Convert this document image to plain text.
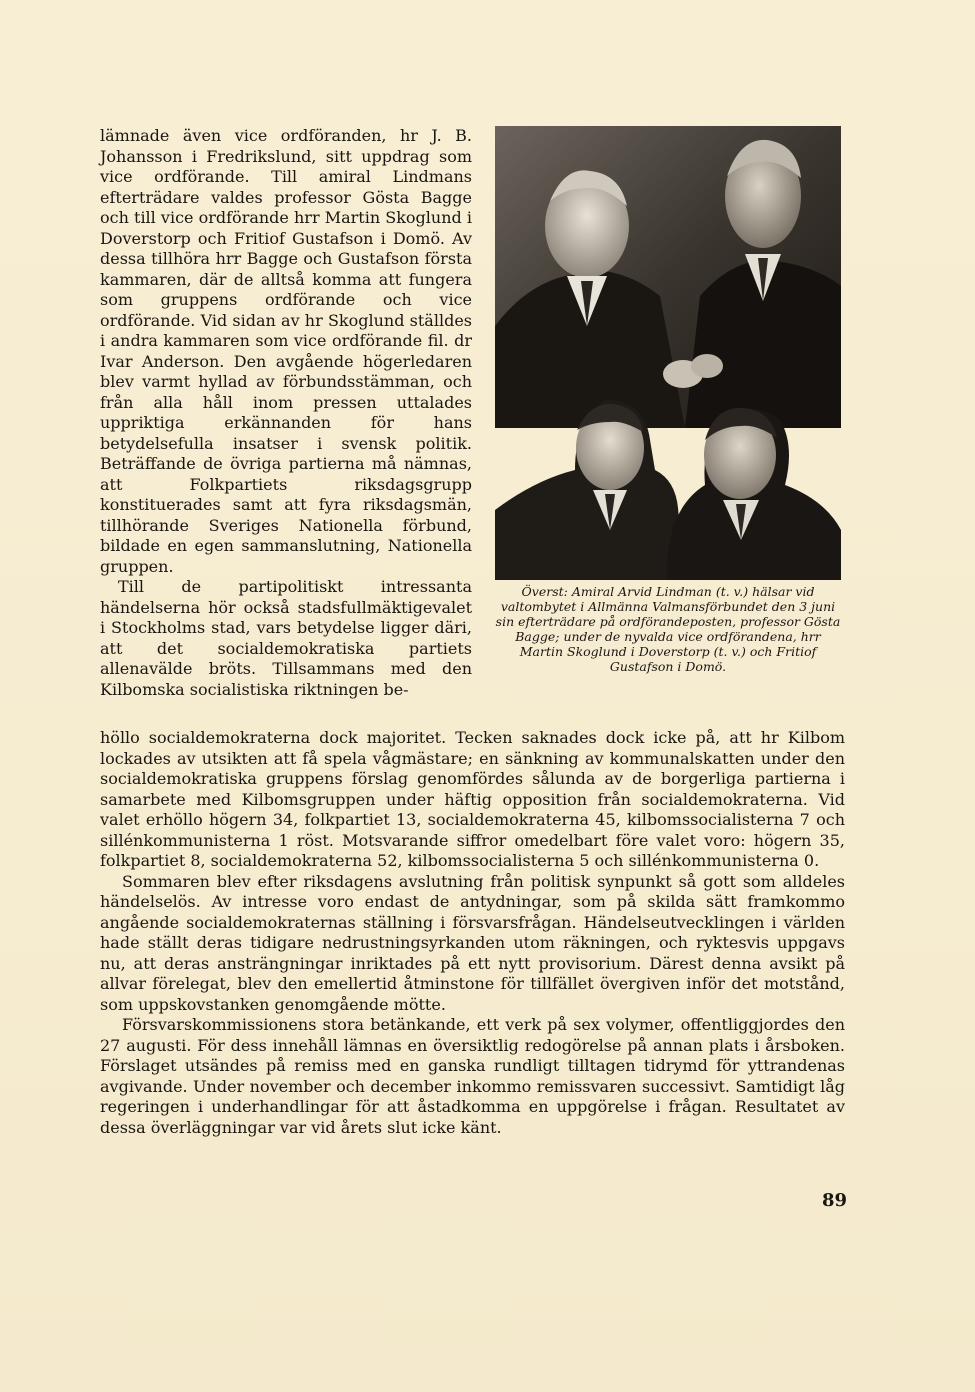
lämnade även vice ordföranden, hr J. B. Johansson i Fredrikslund, sitt uppdrag som vice ordförande. Till amiral Lindmans efterträdare valdes professor Gösta Bagge och till vice ordförande hrr Martin Skoglund i Doverstorp och Fritiof Gustafson i Domö. Av dessa tillhöra hrr Bagge och Gustafson första kammaren, där de alltså komma att fungera som gruppens ordförande och vice ordförande. Vid sidan av hr Skoglund ställdes i andra kammaren som vice ordförande fil. dr Ivar Anderson. Den avgående högerledaren blev varmt hyllad av förbundsstämman, och från alla håll inom pressen uttalades uppriktiga erkännanden för hans betydelsefulla insatser i svensk politik. Beträffande de övriga partierna må nämnas, att Folkpartiets riksdagsgrupp konstituerades samt att fyra riksdagsmän, tillhörande Sveriges Nationella förbund, bildade en egen sammanslutning, Nationella gruppen.

Till de partipolitiskt intressanta händelserna hör också stadsfullmäktigevalet i Stockholms stad, vars betydelse ligger däri, att det socialdemokratiska partiets allenavälde bröts. Tillsammans med den Kilbomska socialistiska riktningen be-

Överst: Amiral Arvid Lindman (t. v.) hälsar vid valtombytet i Allmänna Valmansförbundet den 3 juni sin efterträdare på ordförandeposten, professor Gösta Bagge; under de nyvalda vice ordförandena, hrr Martin Skoglund i Doverstorp (t. v.) och Fritiof Gustafson i Domö.

höllo socialdemokraterna dock majoritet. Tecken saknades dock icke på, att hr Kilbom lockades av utsikten att få spela vågmästare; en sänkning av kommunalskatten under den socialdemokratiska gruppens förslag genomfördes sålunda av de borgerliga partierna i samarbete med Kilbomsgruppen under häftig opposition från socialdemokraterna. Vid valet erhöllo högern 34, folkpartiet 13, socialdemokraterna 45, kilbomssocialisterna 7 och sillénkommunisterna 1 röst. Motsvarande siffror omedelbart före valet voro: högern 35, folkpartiet 8, socialdemokraterna 52, kilbomssocialisterna 5 och sillénkommunisterna 0.

Sommaren blev efter riksdagens avslutning från politisk synpunkt så gott som alldeles händelselös. Av intresse voro endast de antydningar, som på skilda sätt framkommo angående socialdemokraternas ställning i försvarsfrågan. Händelseutvecklingen i världen hade ställt deras tidigare nedrustningsyrkanden utom räkningen, och ryktesvis uppgavs nu, att deras ansträngningar inriktades på ett nytt provisorium. Därest denna avsikt på allvar förelegat, blev den emellertid åtminstone för tillfället övergiven inför det motstånd, som uppskovstanken genomgående mötte.

Försvarskommissionens stora betänkande, ett verk på sex volymer, offentliggjordes den 27 augusti. För dess innehåll lämnas en översiktlig redogörelse på annan plats i årsboken. Förslaget utsändes på remiss med en ganska rundligt tilltagen tidrymd för yttrandenas avgivande. Under november och december inkommo remissvaren successivt. Samtidigt låg regeringen i underhandlingar för att åstadkomma en uppgörelse i frågan. Resultatet av dessa överläggningar var vid årets slut icke känt.

89
